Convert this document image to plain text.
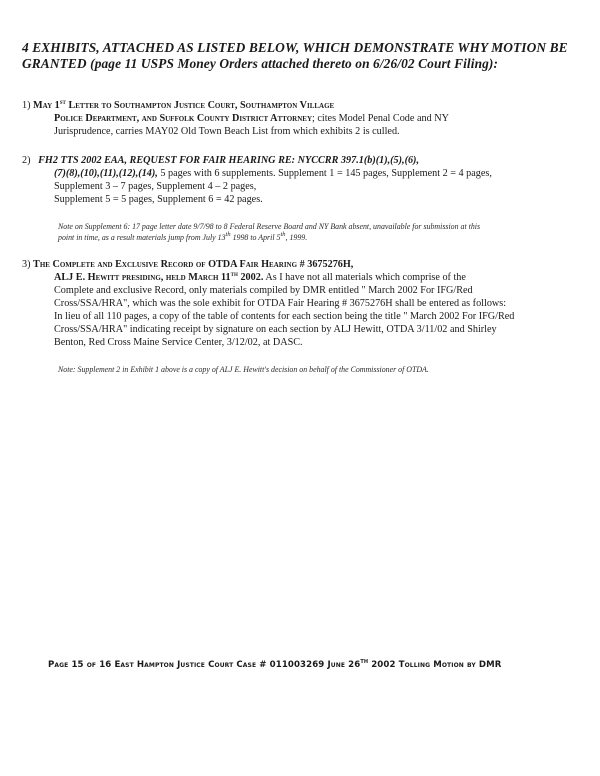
4 EXHIBITS, ATTACHED AS LISTED BELOW, WHICH DEMONSTRATE WHY MOTION BE
GRANTED (page 11 USPS Money Orders attached thereto on 6/26/02 Court Filing):
1) May 1st Letter to Southampton Justice Court, Southampton Village
Police Department, and Suffolk County District Attorney; cites Model Penal Code and NY
Jurisprudence, carries MAY02 Old Town Beach List from which exhibits 2 is culled.
2) FH2 TTS 2002 EAA, REQUEST FOR FAIR HEARING RE: NYCCRR 397.1(b)(1),(5),(6),
(7)(8),(10),(11),(12),(14), 5 pages with 6 supplements. Supplement 1 = 145 pages, Supplement 2 = 4 pages,
Supplement 3 – 7 pages, Supplement 4 – 2 pages,
Supplement 5 = 5 pages, Supplement 6 = 42 pages.
Note on Supplement 6: 17 page letter date 9/7/98 to 8 Federal Reserve Board and NY Bank absent, unavailable for submission at this
point in time, as a result materials jump from July 13th 1998 to April 5th, 1999.
3) The Complete and Exclusive Record of OTDA Fair Hearing # 3675276H,
ALJ E. Hewitt presiding, held March 11th 2002. As I have not all materials which comprise of the
Complete and exclusive Record, only materials compiled by DMR entitled " March 2002 For IFG/Red
Cross/SSA/HRA", which was the sole exhibit for OTDA Fair Hearing # 3675276H shall be entered as follows:
In lieu of all 110 pages, a copy of the table of contents for each section being the title " March 2002 For IFG/Red
Cross/SSA/HRA" indicating receipt by signature on each section by ALJ Hewitt, OTDA 3/11/02 and Shirley
Benton, Red Cross Maine Service Center, 3/12/02, at DASC.
Note: Supplement 2 in Exhibit 1 above is a copy of ALJ E. Hewitt's decision on behalf of the Commissioner of OTDA.
Page 15 of 16 East Hampton Justice Court Case # 011003269 June 26th 2002 Tolling Motion by DMR
